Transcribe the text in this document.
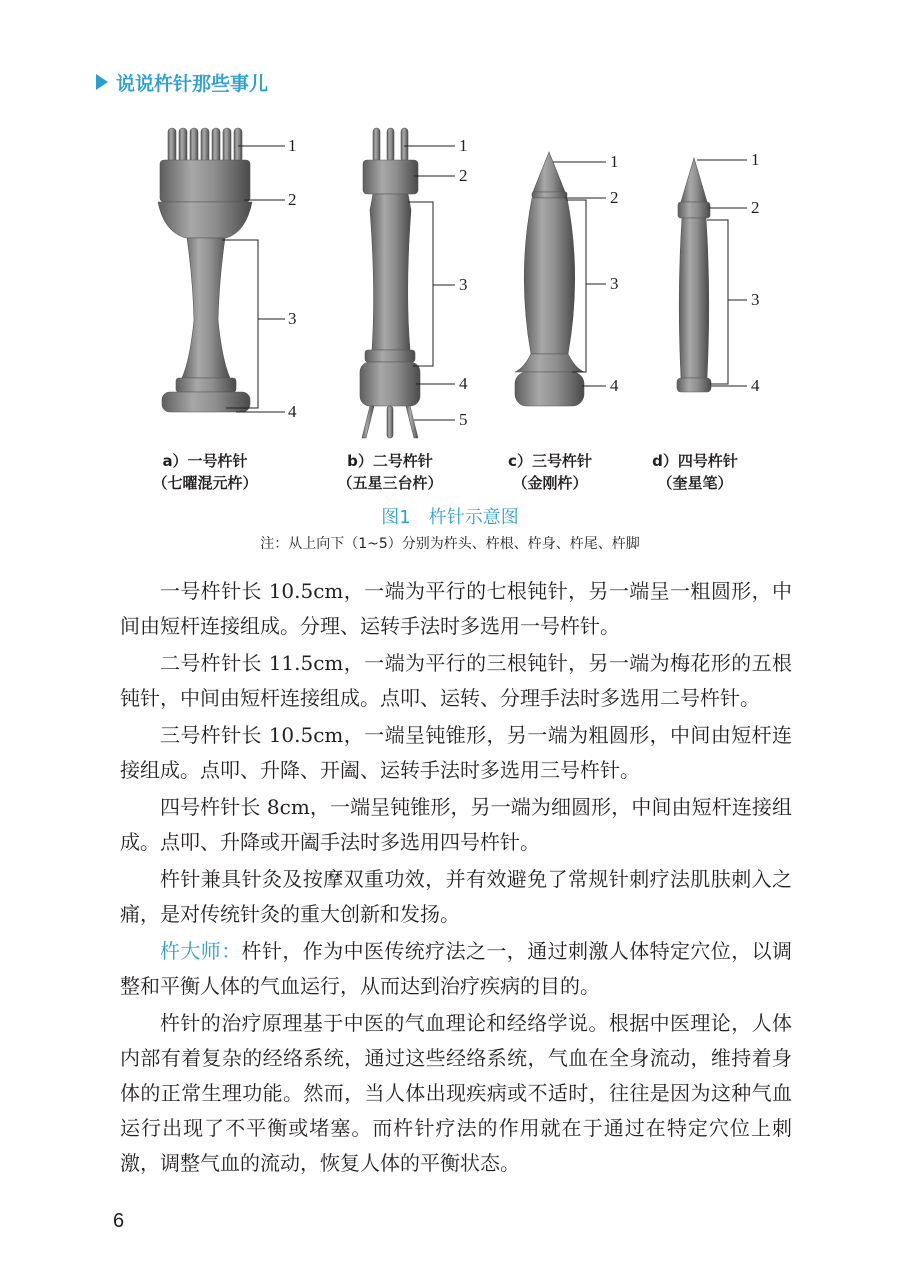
说说杵针那些事儿
1
2
3
4
1
2
3
4
5
1
2
3
4
1
2
3
4
a）一号杵针
（七曜混元杵）
b）二号杵针
（五星三台杵）
c）三号杵针
（金刚杵）
d）四号杵针
（奎星笔）
图1　杵针示意图
注：从上向下（1~5）分别为杵头、杵根、杵身、杵尾、杵脚

一号杵针长 10.5cm，一端为平行的七根钝针，另一端呈一粗圆形，中间由短杆连接组成。分理、运转手法时多选用一号杵针。

二号杵针长 11.5cm，一端为平行的三根钝针，另一端为梅花形的五根钝针，中间由短杆连接组成。点叩、运转、分理手法时多选用二号杵针。

三号杵针长 10.5cm，一端呈钝锥形，另一端为粗圆形，中间由短杆连接组成。点叩、升降、开阖、运转手法时多选用三号杵针。

四号杵针长 8cm，一端呈钝锥形，另一端为细圆形，中间由短杆连接组成。点叩、升降或开阖手法时多选用四号杵针。

杵针兼具针灸及按摩双重功效，并有效避免了常规针刺疗法肌肤刺入之痛，是对传统针灸的重大创新和发扬。

杵大师：杵针，作为中医传统疗法之一，通过刺激人体特定穴位，以调整和平衡人体的气血运行，从而达到治疗疾病的目的。

杵针的治疗原理基于中医的气血理论和经络学说。根据中医理论，人体内部有着复杂的经络系统，通过这些经络系统，气血在全身流动，维持着身体的正常生理功能。然而，当人体出现疾病或不适时，往往是因为这种气血运行出现了不平衡或堵塞。而杵针疗法的作用就在于通过在特定穴位上刺激，调整气血的流动，恢复人体的平衡状态。

6
